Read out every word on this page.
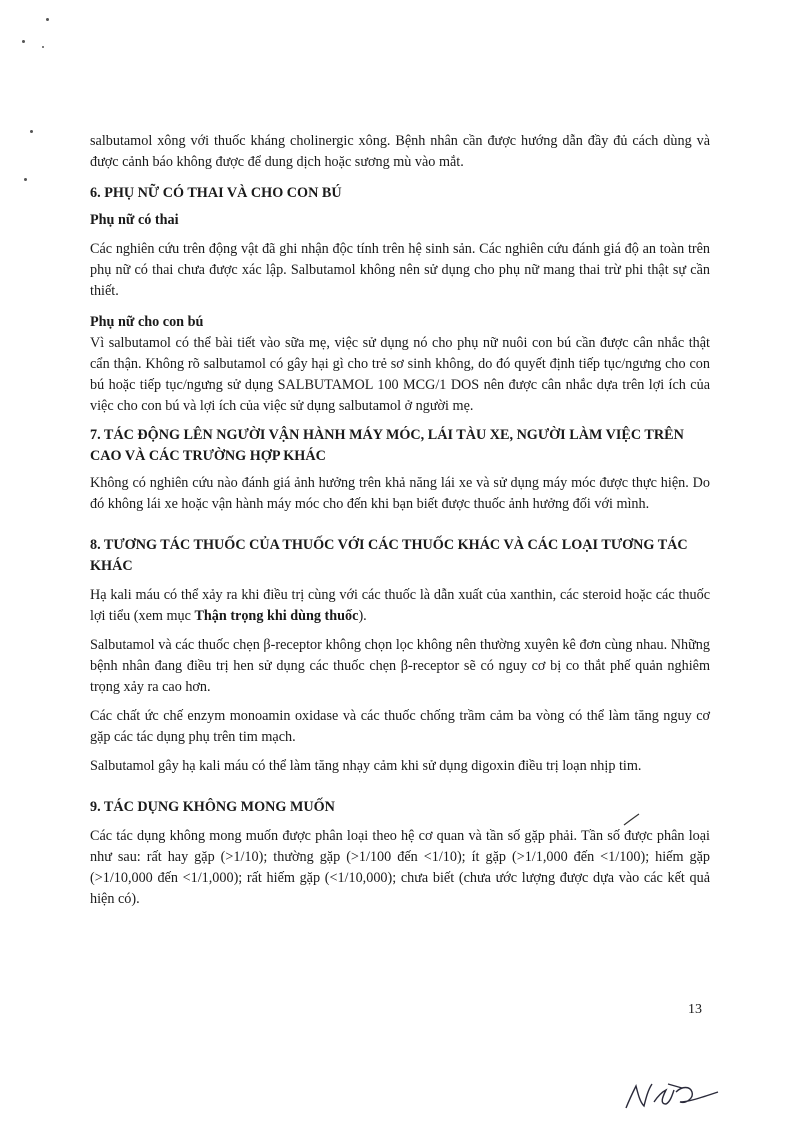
salbutamol xông với thuốc kháng cholinergic xông. Bệnh nhân cần được hướng dẫn đầy đủ cách dùng và được cảnh báo không được để dung dịch hoặc sương mù vào mắt.

6. PHỤ NỮ CÓ THAI VÀ CHO CON BÚ
Phụ nữ có thai

Các nghiên cứu trên động vật đã ghi nhận độc tính trên hệ sinh sản. Các nghiên cứu đánh giá độ an toàn trên phụ nữ có thai chưa được xác lập. Salbutamol không nên sử dụng cho phụ nữ mang thai trừ phi thật sự cần thiết.

Phụ nữ cho con bú

Vì salbutamol có thể bài tiết vào sữa mẹ, việc sử dụng nó cho phụ nữ nuôi con bú cần được cân nhắc thật cẩn thận. Không rõ salbutamol có gây hại gì cho trẻ sơ sinh không, do đó quyết định tiếp tục/ngưng cho con bú hoặc tiếp tục/ngưng sử dụng SALBUTAMOL 100 MCG/1 DOS nên được cân nhắc dựa trên lợi ích của việc cho con bú và lợi ích của việc sử dụng salbutamol ở người mẹ.

7. TÁC ĐỘNG LÊN NGƯỜI VẬN HÀNH MÁY MÓC, LÁI TÀU XE, NGƯỜI LÀM VIỆC TRÊN CAO VÀ CÁC TRƯỜNG HỢP KHÁC

Không có nghiên cứu nào đánh giá ảnh hưởng trên khả năng lái xe và sử dụng máy móc được thực hiện. Do đó không lái xe hoặc vận hành máy móc cho đến khi bạn biết được thuốc ảnh hưởng đối với mình.

8. TƯƠNG TÁC THUỐC CỦA THUỐC VỚI CÁC THUỐC KHÁC VÀ CÁC LOẠI TƯƠNG TÁC KHÁC

Hạ kali máu có thể xảy ra khi điều trị cùng với các thuốc là dẫn xuất của xanthin, các steroid hoặc các thuốc lợi tiểu (xem mục Thận trọng khi dùng thuốc).

Salbutamol và các thuốc chẹn β-receptor không chọn lọc không nên thường xuyên kê đơn cùng nhau. Những bệnh nhân đang điều trị hen sử dụng các thuốc chẹn β-receptor sẽ có nguy cơ bị co thắt phế quản nghiêm trọng xảy ra cao hơn.

Các chất ức chế enzym monoamin oxidase và các thuốc chống trầm cảm ba vòng có thể làm tăng nguy cơ gặp các tác dụng phụ trên tim mạch.

Salbutamol gây hạ kali máu có thể làm tăng nhạy cảm khi sử dụng digoxin điều trị loạn nhịp tim.

9. TÁC DỤNG KHÔNG MONG MUỐN

Các tác dụng không mong muốn được phân loại theo hệ cơ quan và tần số gặp phải. Tần số được phân loại như sau: rất hay gặp (>1/10); thường gặp (>1/100 đến <1/10); ít gặp (>1/1,000 đến <1/100); hiếm gặp (>1/10,000 đến <1/1,000); rất hiếm gặp (<1/10,000); chưa biết (chưa ước lượng được dựa vào các kết quả hiện có).

13
